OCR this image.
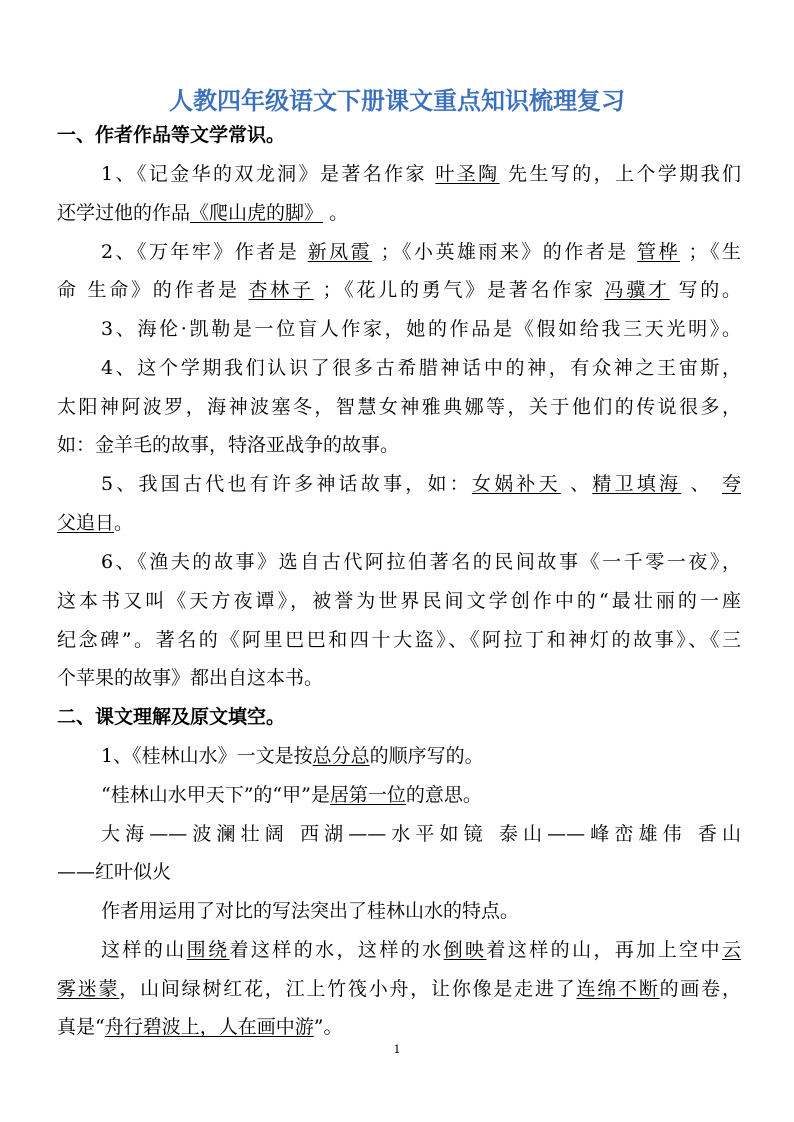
人教四年级语文下册课文重点知识梳理复习
一、作者作品等文学常识。
1、《记金华的双龙洞》是著名作家 叶圣陶 先生写的，上个学期我们
还学过他的作品《爬山虎的脚》 。
2、《万年牢》作者是 新凤霞 ；《小英雄雨来》的作者是 管桦 ；《生
命 生命》的作者是 杏林子 ；《花儿的勇气》是著名作家 冯骥才 写的。
3、海伦·凯勒是一位盲人作家，她的作品是《假如给我三天光明》。
4、这个学期我们认识了很多古希腊神话中的神，有众神之王宙斯，
太阳神阿波罗，海神波塞冬，智慧女神雅典娜等，关于他们的传说很多，
如：金羊毛的故事，特洛亚战争的故事。
5、我国古代也有许多神话故事，如：女娲补天 、精卫填海 、 夸
父追日。
6、《渔夫的故事》选自古代阿拉伯著名的民间故事《一千零一夜》，
这本书又叫《天方夜谭》，被誉为世界民间文学创作中的“最壮丽的一座
纪念碑”。著名的《阿里巴巴和四十大盗》、《阿拉丁和神灯的故事》、《三
个苹果的故事》都出自这本书。
二、课文理解及原文填空。
1、《桂林山水》一文是按总分总的顺序写的。
“桂林山水甲天下”的“甲”是居第一位的意思。
大海——波澜壮阔 西湖——水平如镜 泰山——峰峦雄伟 香山
——红叶似火
作者用运用了对比的写法突出了桂林山水的特点。
这样的山围绕着这样的水，这样的水倒映着这样的山，再加上空中云
雾迷蒙，山间绿树红花，江上竹筏小舟，让你像是走进了连绵不断的画卷，
真是“舟行碧波上，人在画中游”。
1
